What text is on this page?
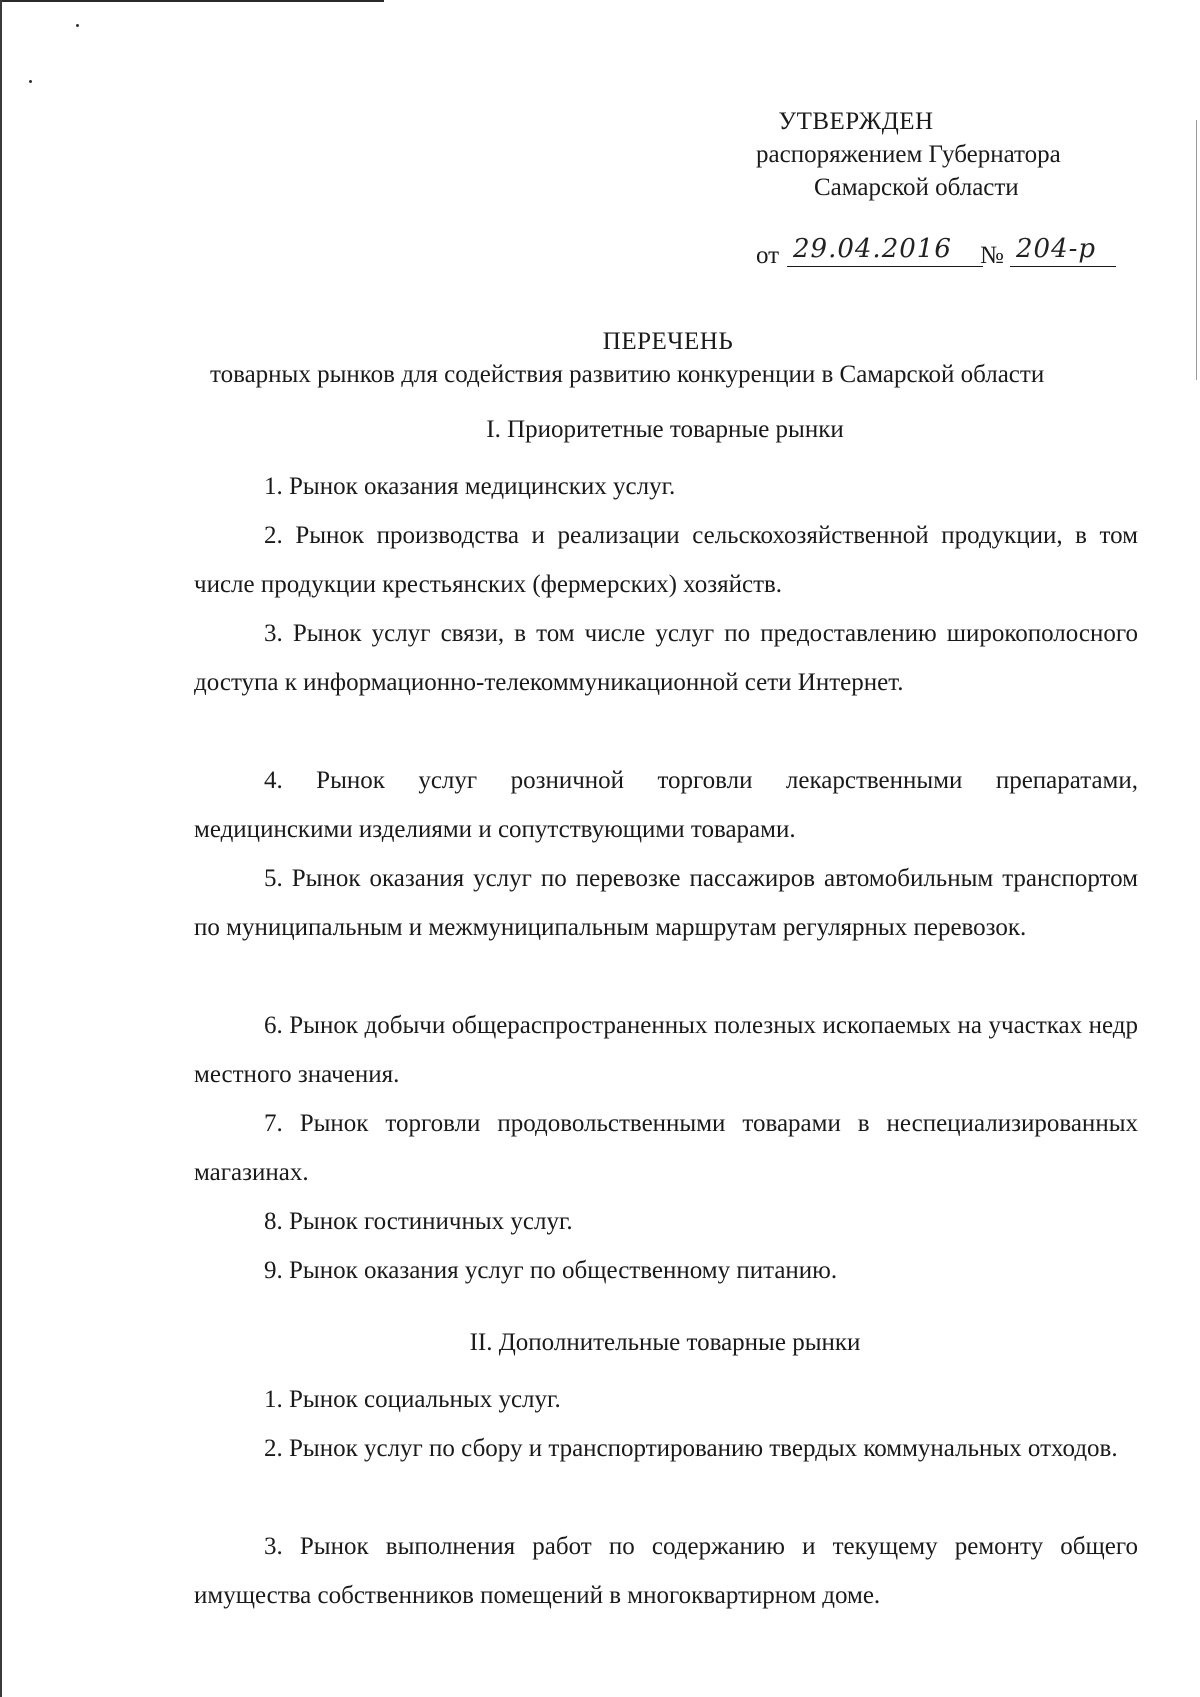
УТВЕРЖДЕН
распоряжением Губернатора
Самарской области
от 29.04.2016	№ 204-р
ПЕРЕЧЕНЬ
товарных рынков для содействия развитию конкуренции в Самарской области
I. Приоритетные товарные рынки
1. Рынок оказания медицинских услуг.
2. Рынок производства и реализации сельскохозяйственной продукции, в том числе продукции крестьянских (фермерских) хозяйств.
3. Рынок услуг связи, в том числе услуг по предоставлению широкополосного доступа к информационно-телекоммуникационной сети Интернет.
4. Рынок услуг розничной торговли лекарственными препаратами, медицинскими изделиями и сопутствующими товарами.
5. Рынок оказания услуг по перевозке пассажиров автомобильным транспортом по муниципальным и межмуниципальным маршрутам регулярных перевозок.
6. Рынок добычи общераспространенных полезных ископаемых на участках недр местного значения.
7. Рынок торговли продовольственными товарами в неспециализированных магазинах.
8. Рынок гостиничных услуг.
9. Рынок оказания услуг по общественному питанию.
II. Дополнительные товарные рынки
1. Рынок социальных услуг.
2. Рынок услуг по сбору и транспортированию твердых коммунальных отходов.
3. Рынок выполнения работ по содержанию и текущему ремонту общего имущества собственников помещений в многоквартирном доме.
